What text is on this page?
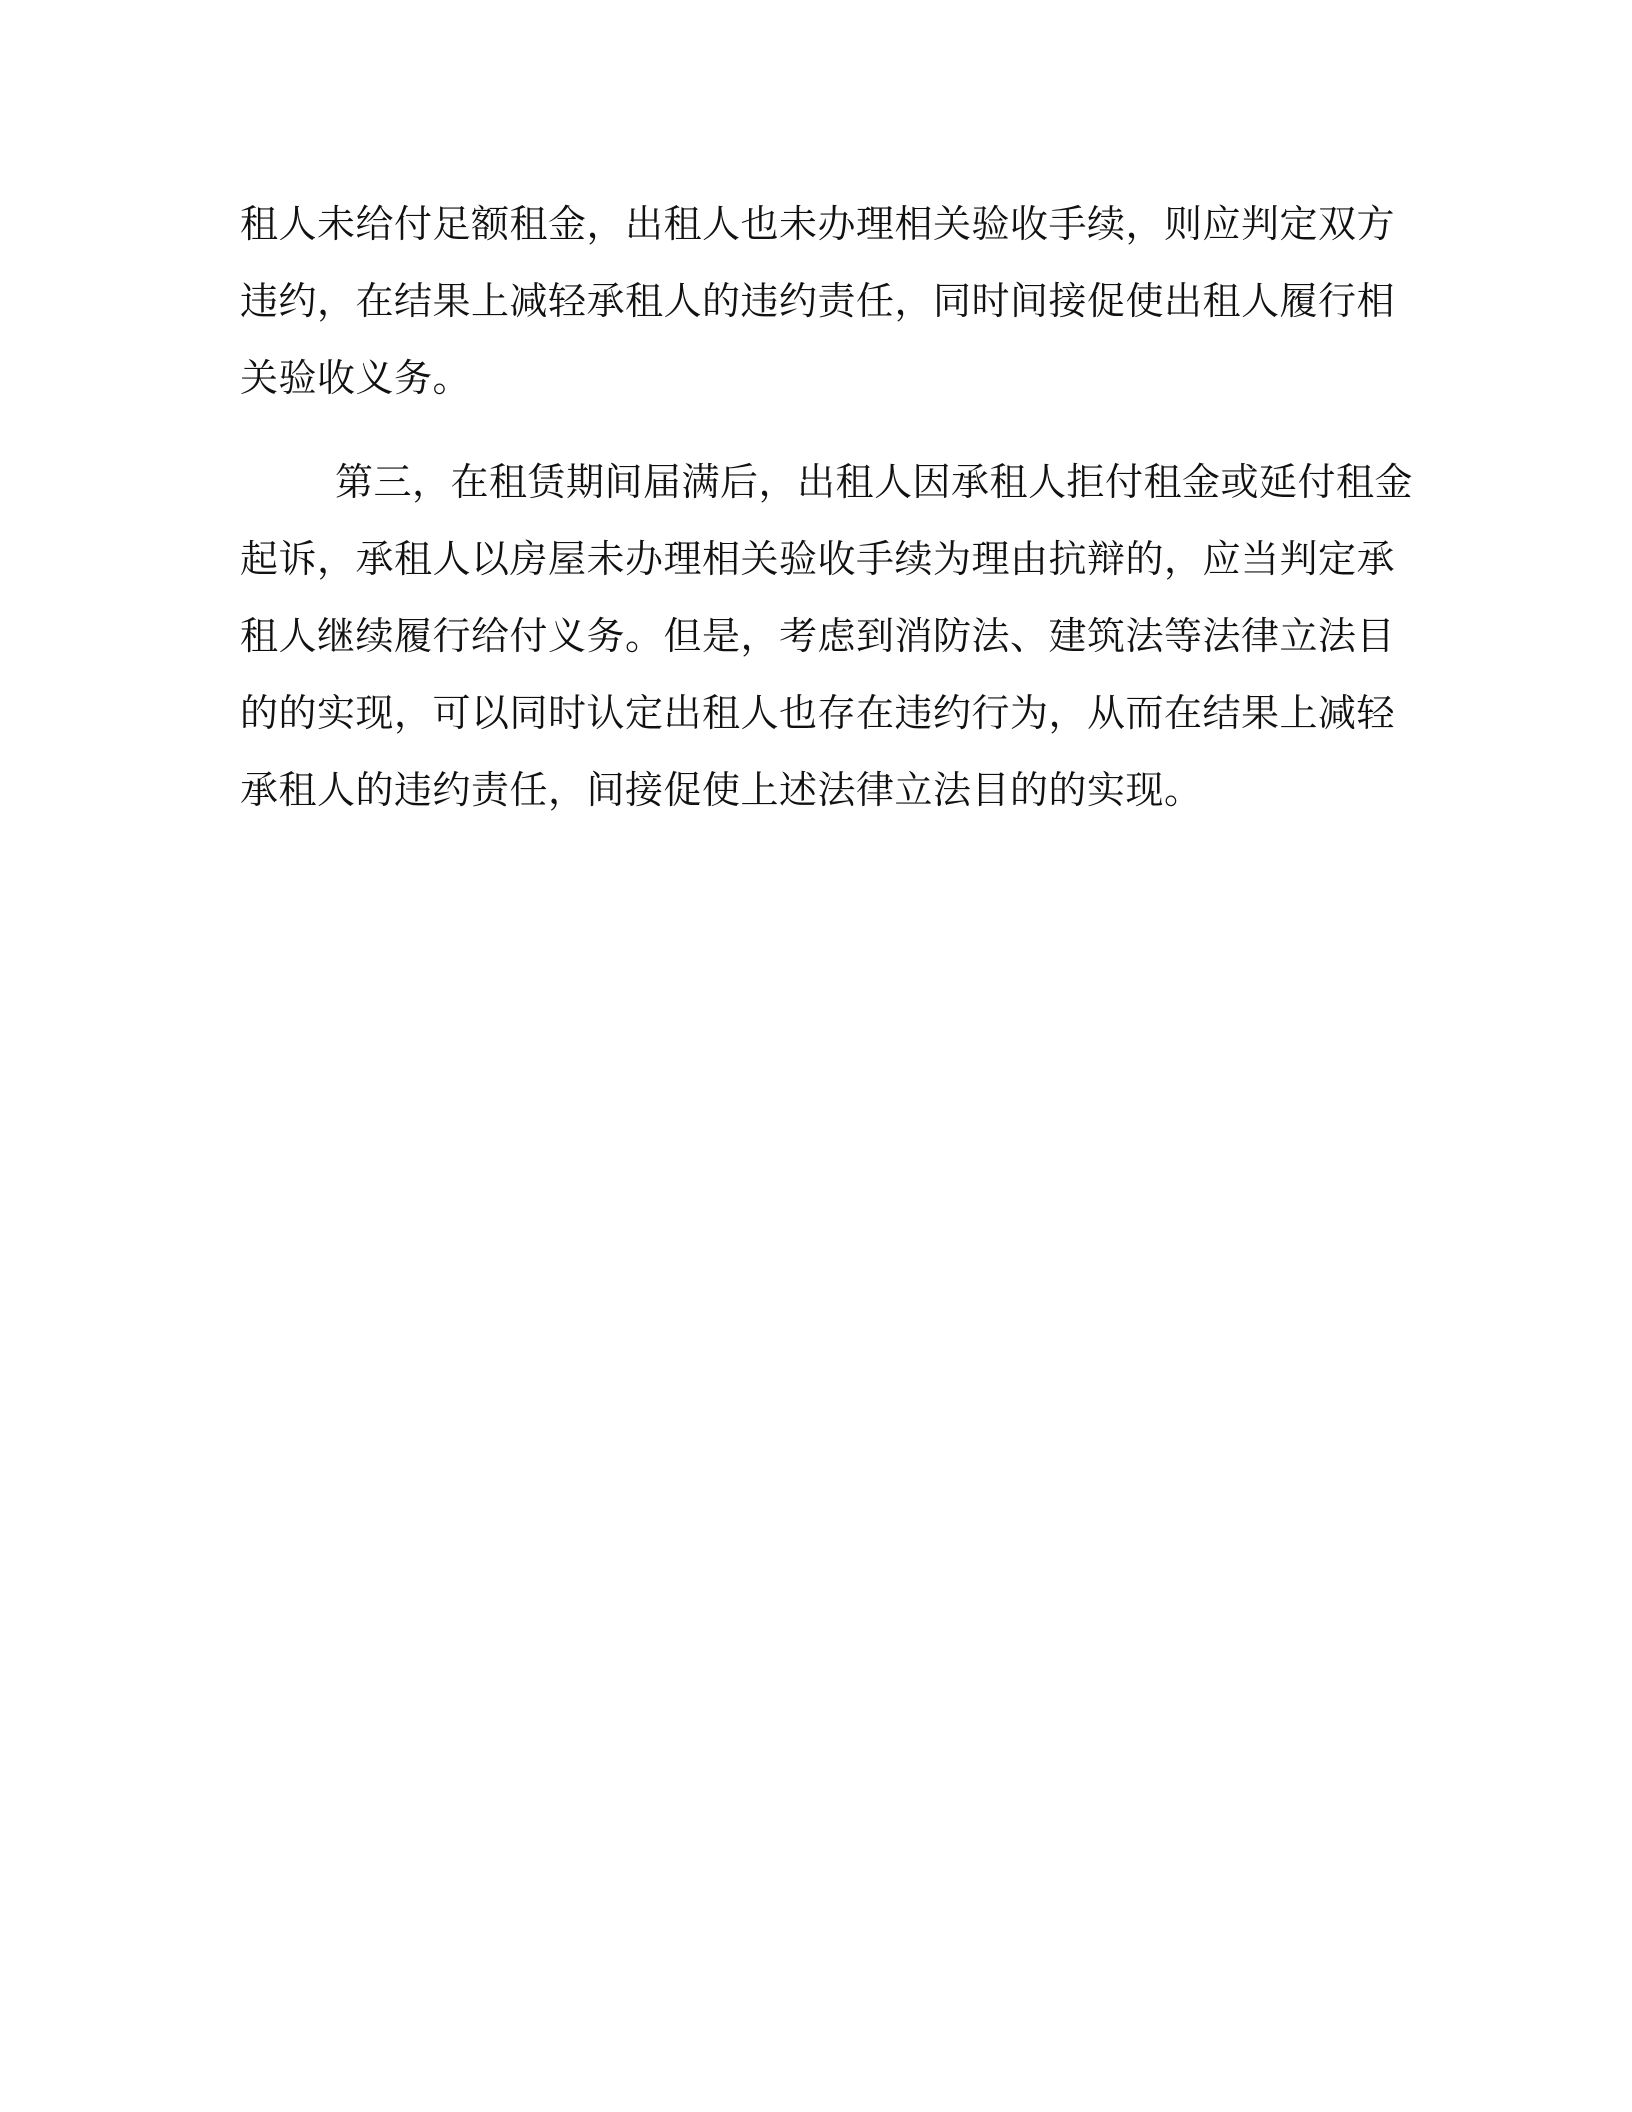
租人未给付足额租金，出租人也未办理相关验收手续，则应判定双方
违约，在结果上减轻承租人的违约责任，同时间接促使出租人履行相
关验收义务。
第三，在租赁期间届满后，出租人因承租人拒付租金或延付租金
起诉，承租人以房屋未办理相关验收手续为理由抗辩的，应当判定承
租人继续履行给付义务。但是，考虑到消防法、建筑法等法律立法目
的的实现，可以同时认定出租人也存在违约行为，从而在结果上减轻
承租人的违约责任，间接促使上述法律立法目的的实现。
